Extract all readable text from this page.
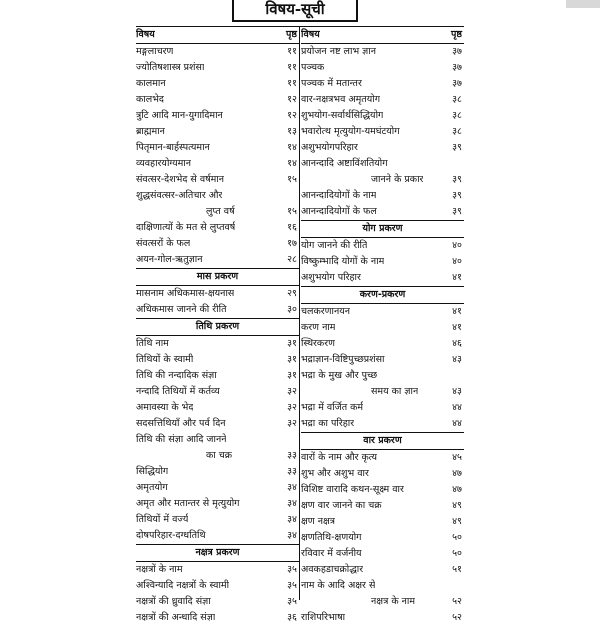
विषय-सूची
विषय	पृष्ठ
मङ्गलाचरण	११
ज्योतिषशास्त्र प्रशंसा	११
कालमान	११
कालभेद	१२
त्रुटि आदि मान-युगादिमान	१२
ब्राह्ममान	१३
पितृमान-बार्हस्पत्यमान	१४
व्यवहारयोग्यमान	१४
संवत्सर-देशभेद से वर्षमान	१५
शुद्धसंवत्सर-अतिचार और
लुप्त वर्ष	१५
दाक्षिणात्यों के मत से लुप्तवर्ष	१६
संवत्सरों के फल	१७
अयन-गोल-ऋतुज्ञान	२८
मास प्रकरण
मासनाम अधिकमास-क्षयनास	२९
अधिकमास जानने की रीति	३०
तिथि प्रकरण
तिथि नाम	३१
तिथियों के स्वामी	३१
तिथि की नन्दादिक संज्ञा	३१
नन्दादि तिथियों में कर्तव्य	३२
अमावस्या के भेद	३२
सदसत्तिथियाँ और पर्व दिन	३२
तिथि की संज्ञा आदि जानने
का चक्र	३३
सिद्धियोग	३३
अमृतयोग	३४
अमृत और मतान्तर से मृत्युयोग	३४
तिथियों में वर्ज्य	३४
दोषपरिहार-दग्धतिथि	३४
नक्षत्र प्रकरण
नक्षत्रों के नाम	३५
अश्विन्यादि नक्षत्रों के स्वामी	३५
नक्षत्रों की ध्रुवादि संज्ञा	३५
नक्षत्रों की अन्धादि संज्ञा	३६
विषय	पृष्ठ
प्रयोजन नष्ट लाभ ज्ञान	३७
पञ्चक	३७
पञ्चक में मतान्तर	३७
वार-नक्षत्रभव अमृतयोग	३८
शुभयोग-सर्वार्थसिद्धियोग	३८
भवारोत्थ मृत्युयोग-यमघंटयोग	३८
अशुभयोगपरिहार	३९
आनन्दादि अष्टाविंशतियोग
जानने के प्रकार	३९
आनन्दादियोगों के नाम	३९
आनन्दादियोगों के फल	३९
योग प्रकरण
योग जानने की रीति	४०
विष्कुम्भादि योगों के नाम	४०
अशुभयोग परिहार	४१
करण-प्रकरण
चलकरणानयन	४१
करण नाम	४१
स्थिरकरण	४६
भद्राज्ञान-विष्टिपुच्छप्रशंसा	४३
भद्रा के मुख और पुच्छ
समय का ज्ञान	४३
भद्रा में वर्जित कर्म	४४
भद्रा का परिहार	४४
वार प्रकरण
वारों के नाम और कृत्य	४५
शुभ और अशुभ वार	४७
विशिष्ट वारादि कथन-सूक्ष्म वार	४७
क्षण वार जानने का चक्र	४९
क्षण नक्षत्र	४९
क्षणतिथि-क्षणयोग	५०
रविवार में वर्जनीय	५०
अवकहडाचक्रोद्धार	५१
नाम के आदि अक्षर से
नक्षत्र के नाम	५२
राशिपरिभाषा	५२
